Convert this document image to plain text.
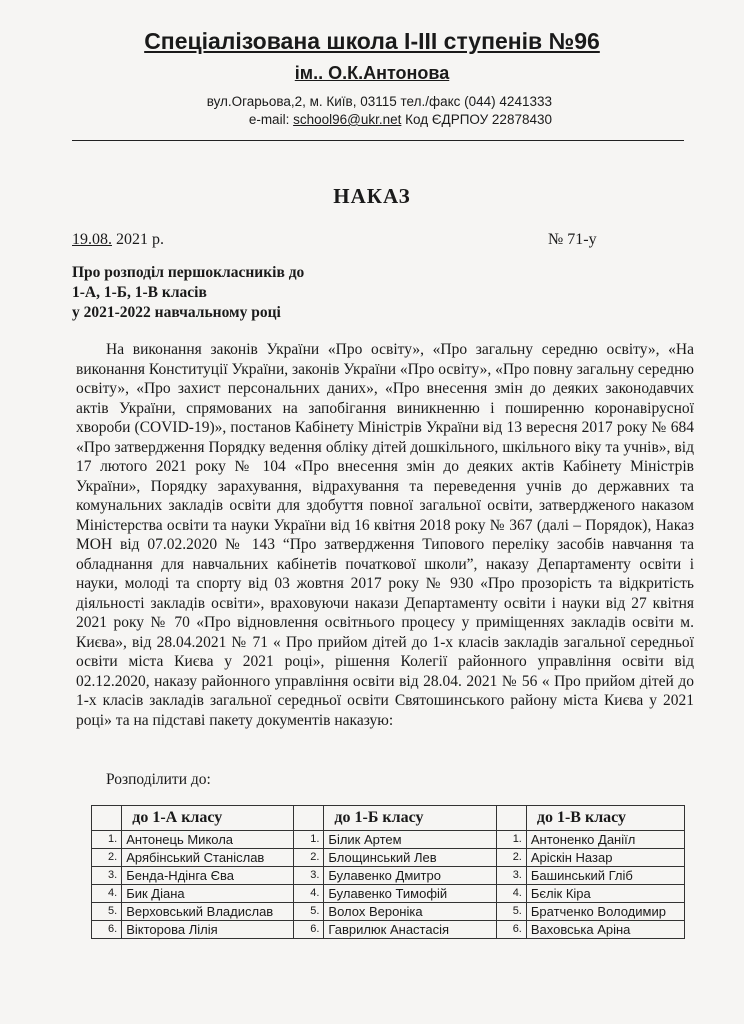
Спеціалізована школа І-ІІІ ступенів №96
ім.. О.К.Антонова
вул.Огарьова,2, м. Київ, 03115 тел./факс (044) 4241333
e-mail: school96@ukr.net Код ЄДРПОУ 22878430
НАКАЗ
19.08. 2021 р.	№ 71-у
Про розподіл першокласників до
1-А, 1-Б, 1-В класів
у 2021-2022 навчальному році

На виконання законів України «Про освіту», «Про загальну середню освіту», «На виконання Конституції України, законів України «Про освіту», «Про повну загальну середню освіту», «Про захист персональних даних», «Про внесення змін до деяких законодавчих актів України, спрямованих на запобігання виникненню і поширенню коронавірусної хвороби (COVID-19)», постанов Кабінету Міністрів України від 13 вересня 2017 року № 684 «Про затвердження Порядку ведення обліку дітей дошкільного, шкільного віку та учнів», від 17 лютого 2021 року № 104 «Про внесення змін до деяких актів Кабінету Міністрів України», Порядку зарахування, відрахування та переведення учнів до державних та комунальних закладів освіти для здобуття повної загальної освіти, затвердженого наказом Міністерства освіти та науки України від 16 квітня 2018 року № 367 (далі – Порядок), Наказ МОН від 07.02.2020 № 143 “Про затвердження Типового переліку засобів навчання та обладнання для навчальних кабінетів початкової школи”, наказу Департаменту освіти і науки, молоді та спорту від 03 жовтня 2017 року № 930 «Про прозорість та відкритість діяльності закладів освіти», враховуючи накази Департаменту освіти і науки від 27 квітня 2021 року № 70 «Про відновлення освітнього процесу у приміщеннях закладів освіти м. Києва», від 28.04.2021 № 71 « Про прийом дітей до 1-х класів закладів загальної середньої освіти міста Києва у 2021 році», рішення Колегії районного управління освіти від 02.12.2020, наказу районного управління освіти від 28.04. 2021 № 56 « Про прийом дітей до 1-х класів закладів загальної середньої освіти Святошинського району міста Києва у 2021 році» та на підставі пакету документів наказую:

Розподілити до:
	до 1-А класу		до 1-Б класу		до 1-В класу
1.	Антонець Микола	1.	Білик Артем	1.	Антоненко Даніїл
2.	Арябінський Станіслав	2.	Блощинський Лев	2.	Арiскін Назар
3.	Бенда-Ндінга Єва	3.	Булавенко Дмитро	3.	Башинський Гліб
4.	Бик Діана	4.	Булавенко Тимофій	4.	Бєлік Кіра
5.	Верховський Владислав	5.	Волох Вероніка	5.	Братченко Володимир
6.	Вікторова Лілія	6.	Гаврилюк Анастасія	6.	Ваховська Аріна
